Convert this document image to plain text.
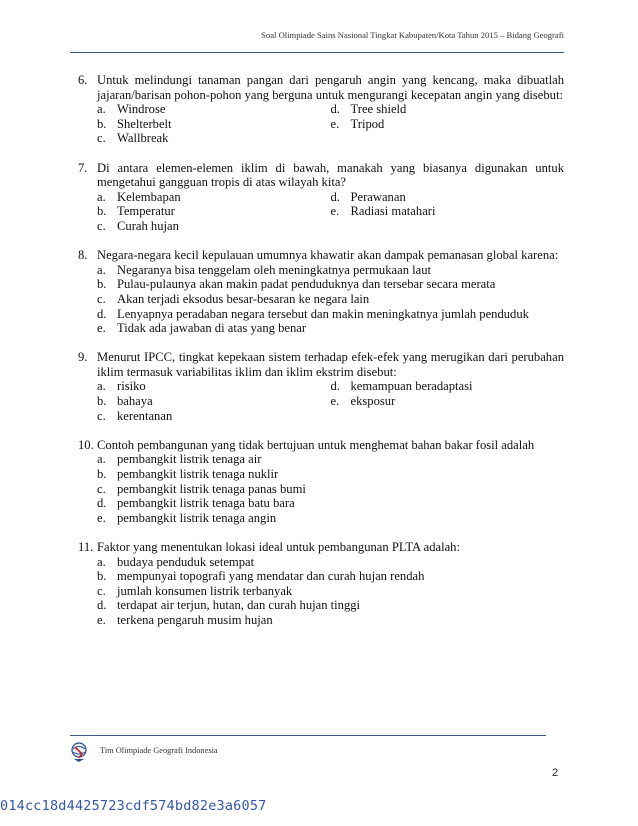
Soal Olimpiade Sains Nasional Tingkat Kabupaten/Kota Tahun 2015 – Bidang Geografi
6. Untuk melindungi tanaman pangan dari pengaruh angin yang kencang, maka dibuatlah jajaran/barisan pohon-pohon yang berguna untuk mengurangi kecepatan angin yang disebut:
a. Windrose	d. Tree shield
b. Shelterbelt	e. Tripod
c. Wallbreak
7. Di antara elemen-elemen iklim di bawah, manakah yang biasanya digunakan untuk mengetahui gangguan tropis di atas wilayah kita?
a. Kelembapan	d. Perawanan
b. Temperatur	e. Radiasi matahari
c. Curah hujan
8. Negara-negara kecil kepulauan umumnya khawatir akan dampak pemanasan global karena:
a. Negaranya bisa tenggelam oleh meningkatnya permukaan laut
b. Pulau-pulaunya akan makin padat penduduknya dan tersebar secara merata
c. Akan terjadi eksodus besar-besaran ke negara lain
d. Lenyapnya peradaban negara tersebut dan makin meningkatnya jumlah penduduk
e. Tidak ada jawaban di atas yang benar
9. Menurut IPCC, tingkat kepekaan sistem terhadap efek-efek yang merugikan dari perubahan iklim termasuk variabilitas iklim dan iklim ekstrim disebut:
a. risiko	d. kemampuan beradaptasi
b. bahaya	e. eksposur
c. kerentanan
10. Contoh pembangunan yang tidak bertujuan untuk menghemat bahan bakar fosil adalah
a. pembangkit listrik tenaga air
b. pembangkit listrik tenaga nuklir
c. pembangkit listrik tenaga panas bumi
d. pembangkit listrik tenaga batu bara
e. pembangkit listrik tenaga angin
11. Faktor yang menentukan lokasi ideal untuk pembangunan PLTA adalah:
a. budaya penduduk setempat
b. mempunyai topografi yang mendatar dan curah hujan rendah
c. jumlah konsumen listrik terbanyak
d. terdapat air terjun, hutan, dan curah hujan tinggi
e. terkena pengaruh musim hujan
Tim Olimpiade Geografi Indonesia
2
014cc18d4425723cdf574bd82e3a6057
